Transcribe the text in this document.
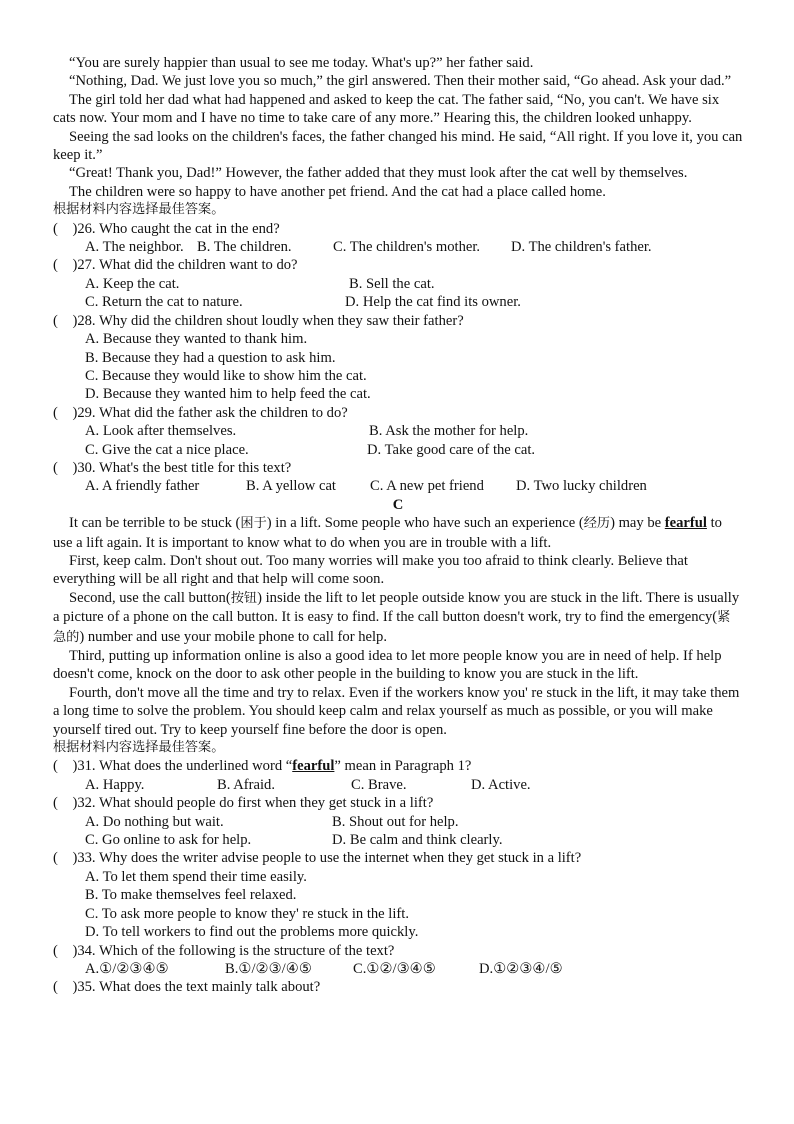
“You are surely happier than usual to see me today. What's up?” her father said.

“Nothing, Dad. We just love you so much,” the girl answered. Then their mother said, “Go ahead. Ask your dad.”

The girl told her dad what had happened and asked to keep the cat. The father said, “No, you can't. We have six cats now. Your mom and I have no time to take care of any more.” Hearing this, the children looked unhappy.

Seeing the sad looks on the children's faces, the father changed his mind. He said, “All right. If you love it, you can keep it.”

“Great! Thank you, Dad!” However, the father added that they must look after the cat well by themselves.

The children were so happy to have another pet friend. And the cat had a place called home.

根据材料内容选择最佳答案。

(　)26. Who caught the cat in the end?

A. The neighbor. B. The children.	C. The children's mother. D. The children's father.

(　)27. What did the children want to do?

A. Keep the cat.	B. Sell the cat.

C. Return the cat to nature.	D. Help the cat find its owner.

(　)28. Why did the children shout loudly when they saw their father?

A. Because they wanted to thank him.

B. Because they had a question to ask him.

C. Because they would like to show him the cat.

D. Because they wanted him to help feed the cat.

(　)29. What did the father ask the children to do?

A. Look after themselves.	B. Ask the mother for help.

C. Give the cat a nice place.	D. Take good care of the cat.

(　)30. What's the best title for this text?

A. A friendly father	B. A yellow cat C. A new pet friend D. Two lucky children

C

It can be terrible to be stuck (困于) in a lift. Some people who have such an experience (经历) may be fearful to use a lift again. It is important to know what to do when you are in trouble with a lift.

First, keep calm. Don't shout out. Too many worries will make you too afraid to think clearly. Believe that everything will be all right and that help will come soon.

Second, use the call button(按钮) inside the lift to let people outside know you are stuck in the lift. There is usually a picture of a phone on the call button. It is easy to find. If the call button doesn't work, try to find the emergency(紧急的) number and use your mobile phone to call for help.

Third, putting up information online is also a good idea to let more people know you are in need of help. If help doesn't come, knock on the door to ask other people in the building to know you are stuck in the lift.

Fourth, don't move all the time and try to relax. Even if the workers know you' re stuck in the lift, it may take them a long time to solve the problem. You should keep calm and relax yourself as much as possible, or you will make yourself tired out. Try to keep yourself fine before the door is open.

根据材料内容选择最佳答案。

(　)31. What does the underlined word “fearful” mean in Paragraph 1?

A. Happy.	B. Afraid.	C. Brave.	D. Active.

(　)32. What should people do first when they get stuck in a lift?

A. Do nothing but wait.	B. Shout out for help.

C. Go online to ask for help.	D. Be calm and think clearly.

(　)33. Why does the writer advise people to use the internet when they get stuck in a lift?

A. To let them spend their time easily.

B. To make themselves feel relaxed.

C. To ask more people to know they' re stuck in the lift.

D. To tell workers to find out the problems more quickly.

(　)34. Which of the following is the structure of the text?

A.①/②③④⑤	B.①/②③/④⑤	C.①②/③④⑤	D.①②③④/⑤

(　)35. What does the text mainly talk about?
